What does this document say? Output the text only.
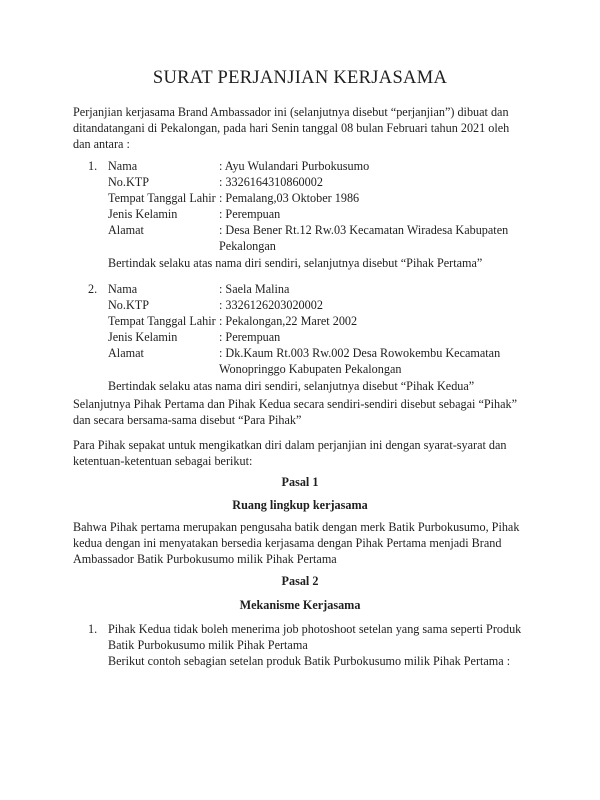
SURAT PERJANJIAN KERJASAMA
Perjanjian kerjasama Brand Ambassador ini (selanjutnya disebut “perjanjian”) dibuat dan
ditandatangani di Pekalongan, pada hari Senin tanggal 08 bulan Februari tahun 2021 oleh
dan antara :
1. Nama	: Ayu Wulandari Purbokusumo
No.KTP	: 3326164310860002
Tempat Tanggal Lahir : Pemalang,03 Oktober 1986
Jenis Kelamin	: Perempuan
Alamat	: Desa Bener Rt.12 Rw.03 Kecamatan Wiradesa Kabupaten
Pekalongan
Bertindak selaku atas nama diri sendiri, selanjutnya disebut “Pihak Pertama”
2. Nama	: Saela Malina
No.KTP	: 3326126203020002
Tempat Tanggal Lahir : Pekalongan,22 Maret 2002
Jenis Kelamin	: Perempuan
Alamat	: Dk.Kaum Rt.003 Rw.002 Desa Rowokembu Kecamatan
Wonopringgo Kabupaten Pekalongan
Bertindak selaku atas nama diri sendiri, selanjutnya disebut “Pihak Kedua”
Selanjutnya Pihak Pertama dan Pihak Kedua secara sendiri-sendiri disebut sebagai “Pihak”
dan secara bersama-sama disebut “Para Pihak”
Para Pihak sepakat untuk mengikatkan diri dalam perjanjian ini dengan syarat-syarat dan
ketentuan-ketentuan sebagai berikut:
Pasal 1
Ruang lingkup kerjasama
Bahwa Pihak pertama merupakan pengusaha batik dengan merk Batik Purbokusumo, Pihak
kedua dengan ini menyatakan bersedia kerjasama dengan Pihak Pertama menjadi Brand
Ambassador Batik Purbokusumo milik Pihak Pertama
Pasal 2
Mekanisme Kerjasama
1. Pihak Kedua tidak boleh menerima job photoshoot setelan yang sama seperti Produk
Batik Purbokusumo milik Pihak Pertama
Berikut contoh sebagian setelan produk Batik Purbokusumo milik Pihak Pertama :
